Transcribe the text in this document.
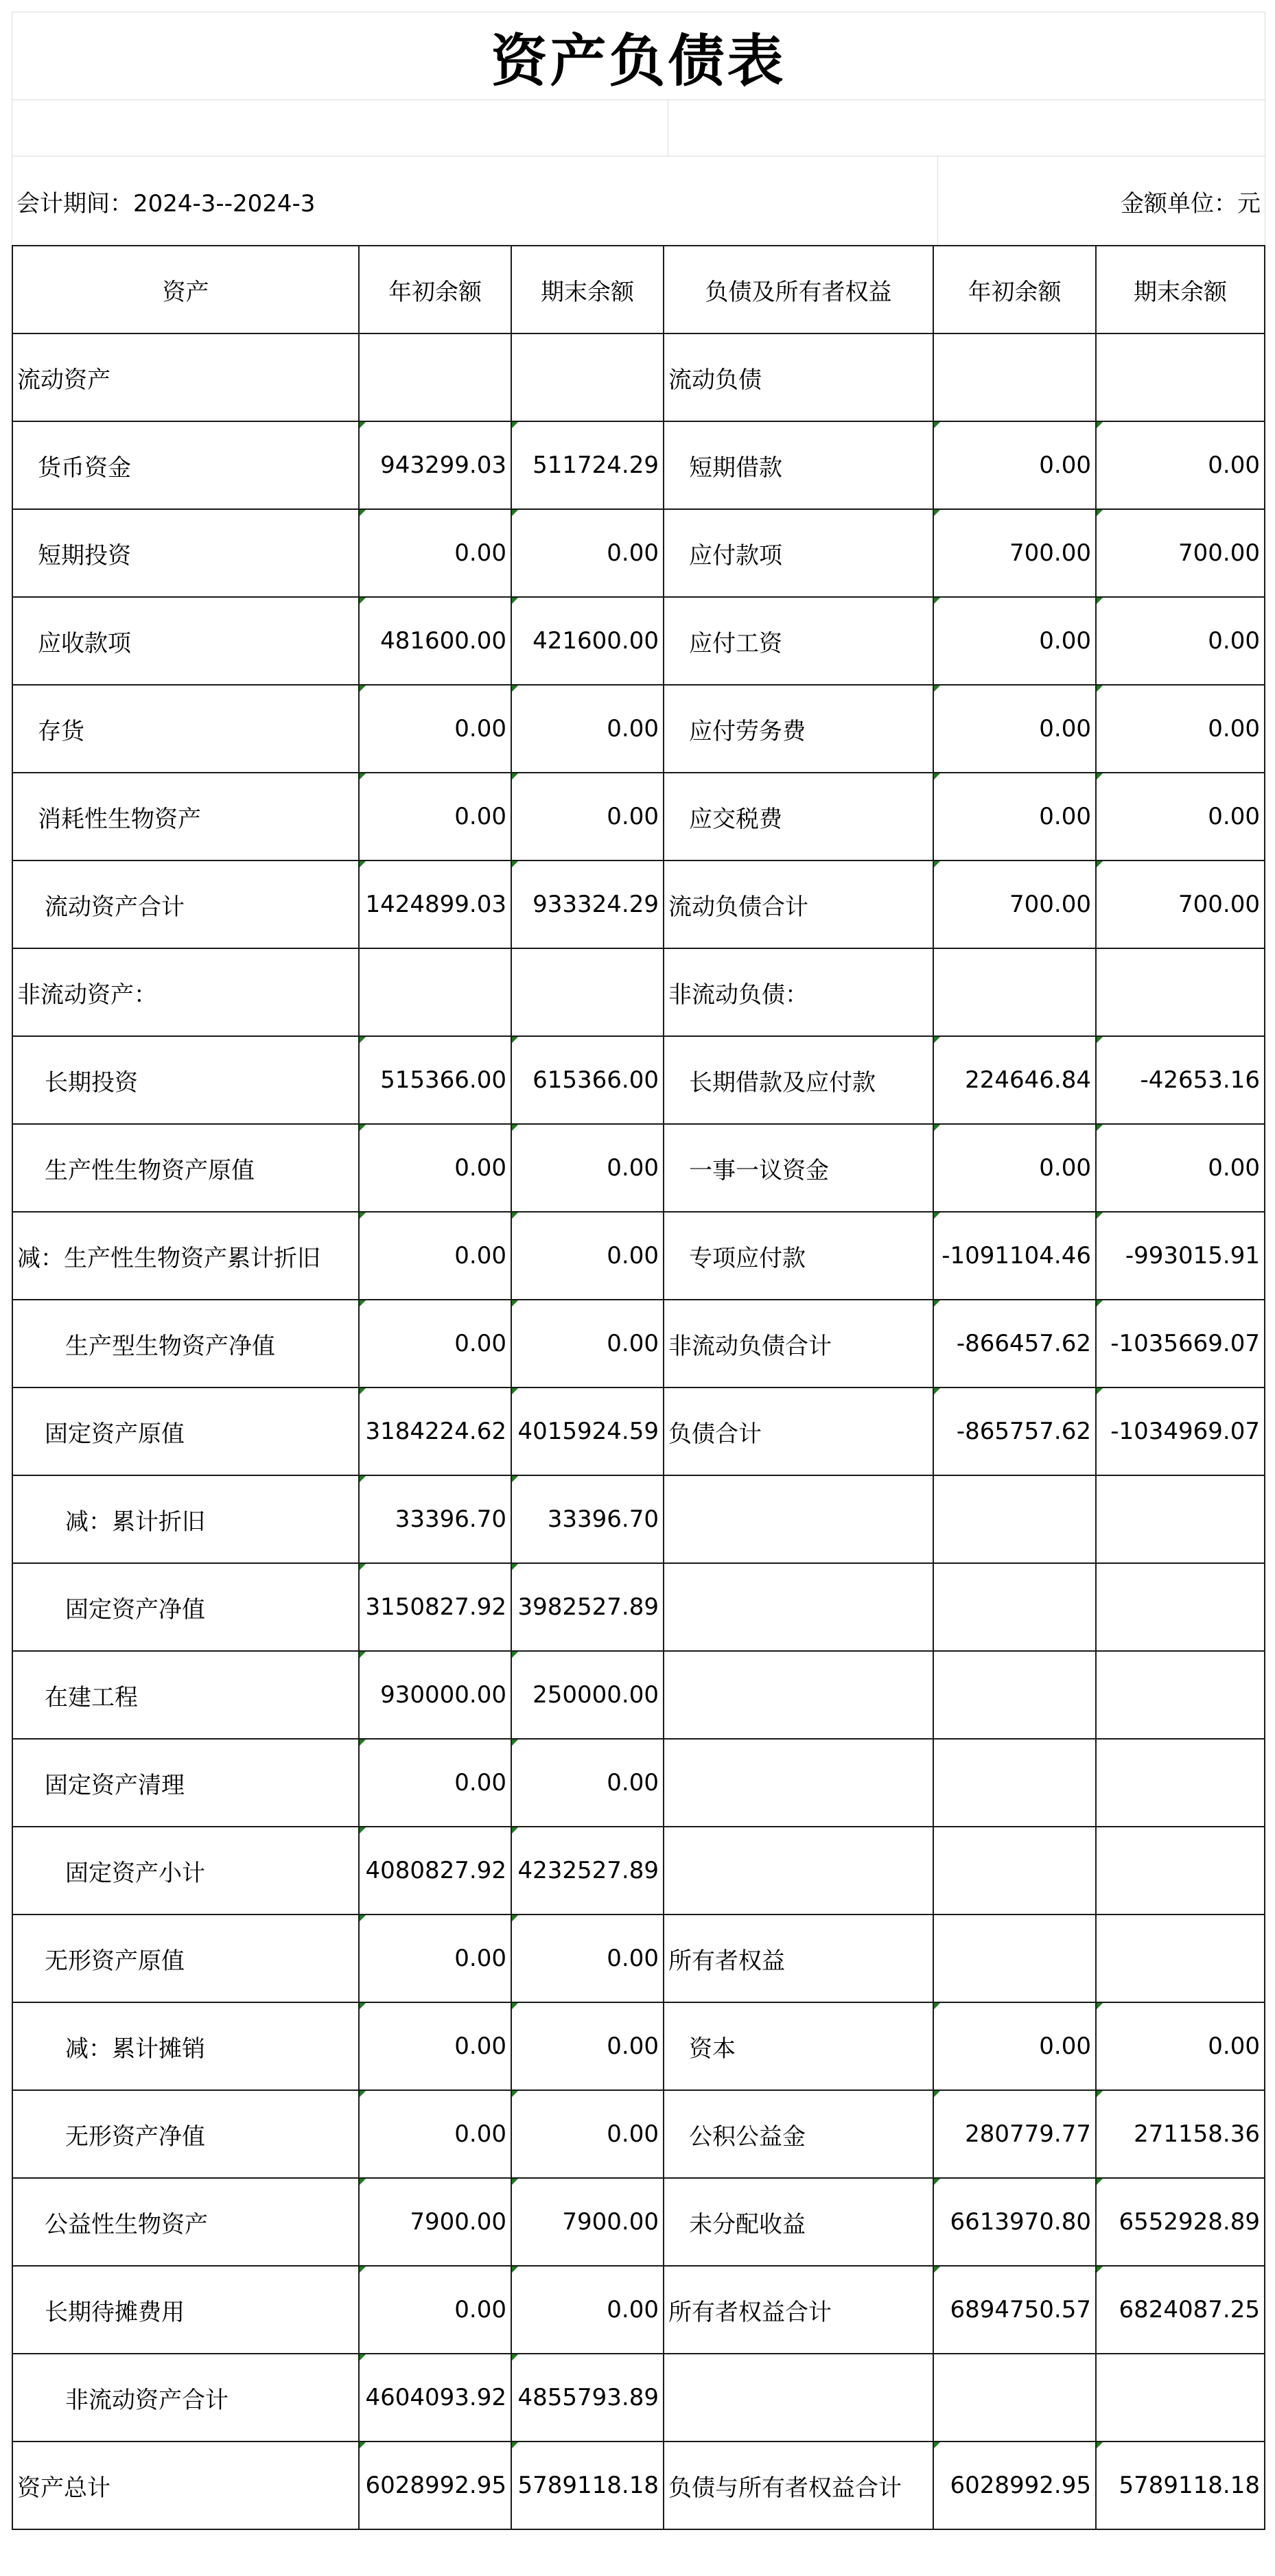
资产负债表
会计期间：2024-3--2024-3	金额单位：元
资产	年初余额	期末余额	负债及所有者权益	年初余额	期末余额
流动资产			流动负债		
货币资金	943299.03	511724.29	短期借款	0.00	0.00
短期投资	0.00	0.00	应付款项	700.00	700.00
应收款项	481600.00	421600.00	应付工资	0.00	0.00
存货	0.00	0.00	应付劳务费	0.00	0.00
消耗性生物资产	0.00	0.00	应交税费	0.00	0.00
流动资产合计	1424899.03	933324.29	流动负债合计	700.00	700.00
非流动资产：			非流动负债：		
长期投资	515366.00	615366.00	长期借款及应付款	224646.84	-42653.16
生产性生物资产原值	0.00	0.00	一事一议资金	0.00	0.00
减：生产性生物资产累计折旧	0.00	0.00	专项应付款	-1091104.46	-993015.91
生产型生物资产净值	0.00	0.00	非流动负债合计	-866457.62	-1035669.07
固定资产原值	3184224.62	4015924.59	负债合计	-865757.62	-1034969.07
减：累计折旧	33396.70	33396.70			
固定资产净值	3150827.92	3982527.89			
在建工程	930000.00	250000.00			
固定资产清理	0.00	0.00			
固定资产小计	4080827.92	4232527.89			
无形资产原值	0.00	0.00	所有者权益		
减：累计摊销	0.00	0.00	资本	0.00	0.00
无形资产净值	0.00	0.00	公积公益金	280779.77	271158.36
公益性生物资产	7900.00	7900.00	未分配收益	6613970.80	6552928.89
长期待摊费用	0.00	0.00	所有者权益合计	6894750.57	6824087.25
非流动资产合计	4604093.92	4855793.89			
资产总计	6028992.95	5789118.18	负债与所有者权益合计	6028992.95	5789118.18
